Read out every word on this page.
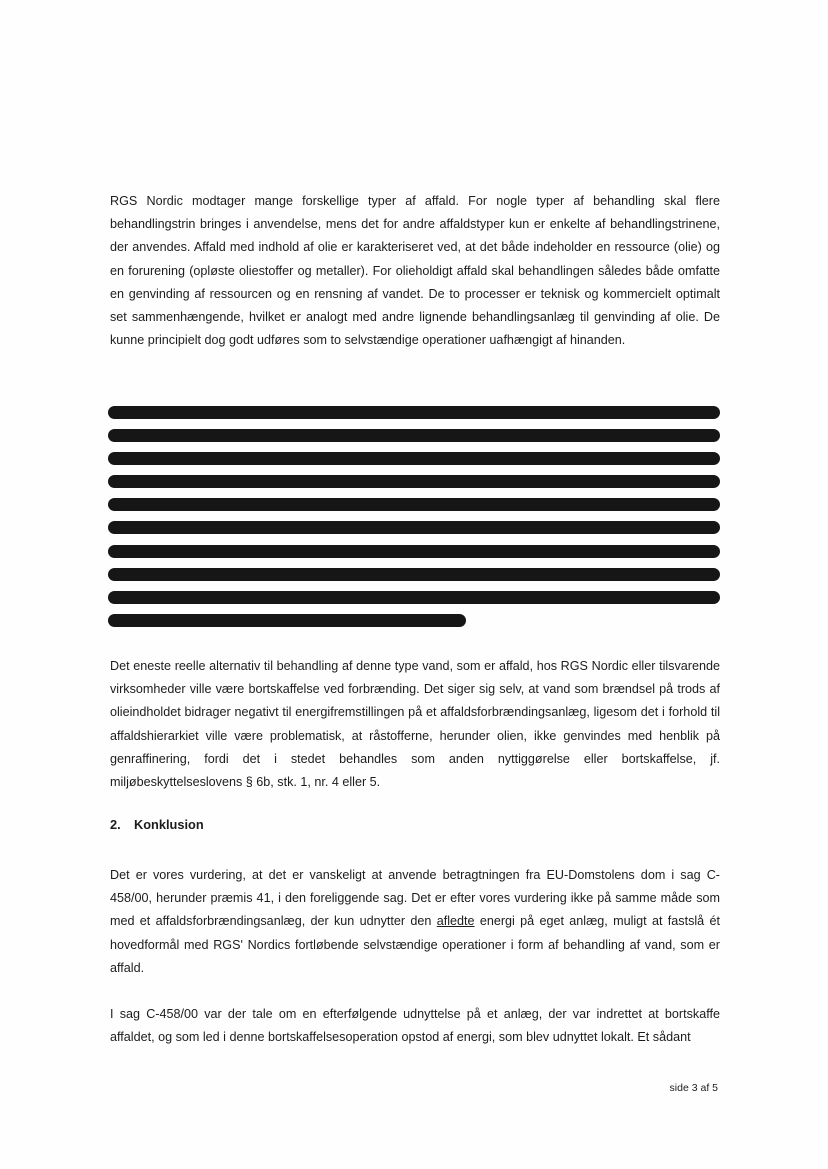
RGS Nordic modtager mange forskellige typer af affald. For nogle typer af behandling skal flere behandlingstrin bringes i anvendelse, mens det for andre affaldstyper kun er enkelte af behandlingstrinene, der anvendes. Affald med indhold af olie er karakteriseret ved, at det både indeholder en ressource (olie) og en forurening (opløste oliestoffer og metaller). For olieholdigt affald skal behandlingen således både omfatte en genvinding af ressourcen og en rensning af vandet. De to processer er teknisk og kommercielt optimalt set sammenhængende, hvilket er analogt med andre lignende behandlingsanlæg til genvinding af olie. De kunne principielt dog godt udføres som to selvstændige operationer uafhængigt af hinanden.

Det eneste reelle alternativ til behandling af denne type vand, som er affald, hos RGS Nordic eller tilsvarende virksomheder ville være bortskaffelse ved forbrænding. Det siger sig selv, at vand som brændsel på trods af olieindholdet bidrager negativt til energifremstillingen på et affaldsforbrændingsanlæg, ligesom det i forhold til affaldshierarkiet ville være problematisk, at råstofferne, herunder olien, ikke genvindes med henblik på genraffinering, fordi det i stedet behandles som anden nyttiggørelse eller bortskaffelse, jf. miljøbeskyttelseslovens § 6b, stk. 1, nr. 4 eller 5.

2. Konklusion

Det er vores vurdering, at det er vanskeligt at anvende betragtningen fra EU-Domstolens dom i sag C-458/00, herunder præmis 41, i den foreliggende sag. Det er efter vores vurdering ikke på samme måde som med et affaldsforbrændingsanlæg, der kun udnytter den afledte energi på eget anlæg, muligt at fastslå ét hovedformål med RGS' Nordics fortløbende selvstændige operationer i form af behandling af vand, som er affald.

I sag C-458/00 var der tale om en efterfølgende udnyttelse på et anlæg, der var indrettet at bortskaffe affaldet, og som led i denne bortskaffelsesoperation opstod af energi, som blev udnyttet lokalt. Et sådant

side 3 af 5
